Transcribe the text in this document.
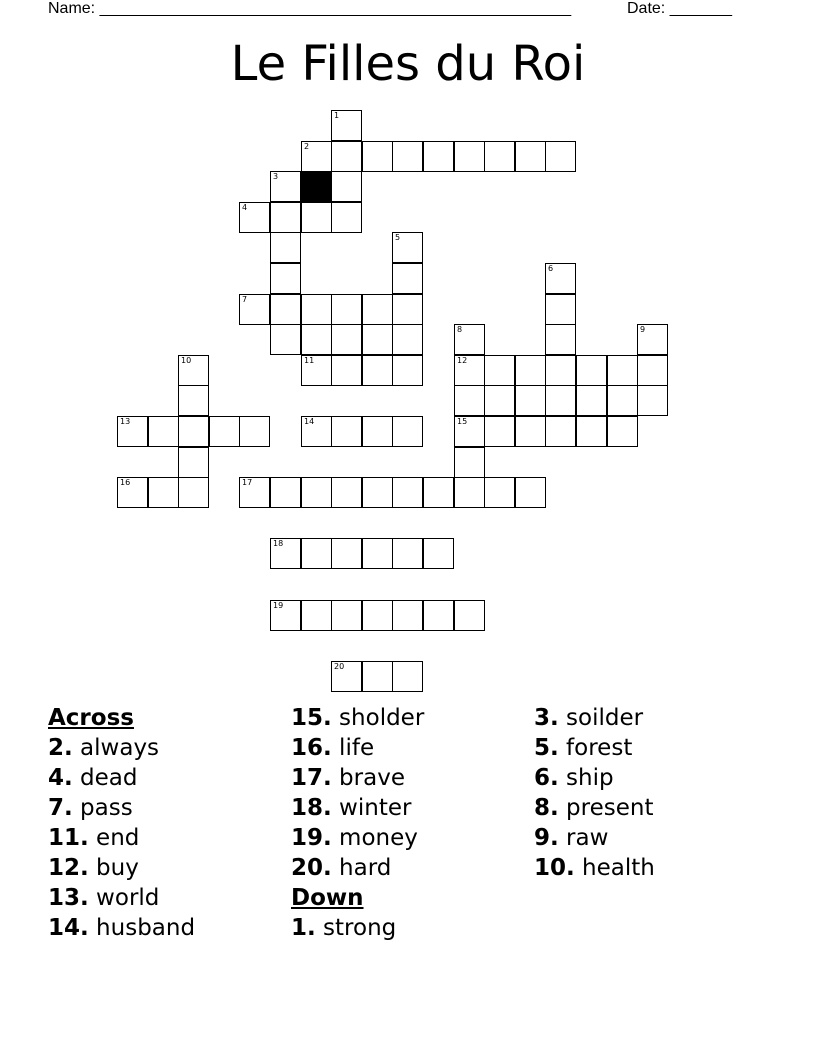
Name: _____________________________________________________	Date: _______
Le Filles du Roi
1
2
3
4
5
6
7
8	9
10	11	12
13	14	15
16	17
18
19
20
Across
2. always
4. dead
7. pass
11. end
12. buy
13. world
14. husband
15. sholder
16. life
17. brave
18. winter
19. money
20. hard
Down
1. strong
3. soilder
5. forest
6. ship
8. present
9. raw
10. health
